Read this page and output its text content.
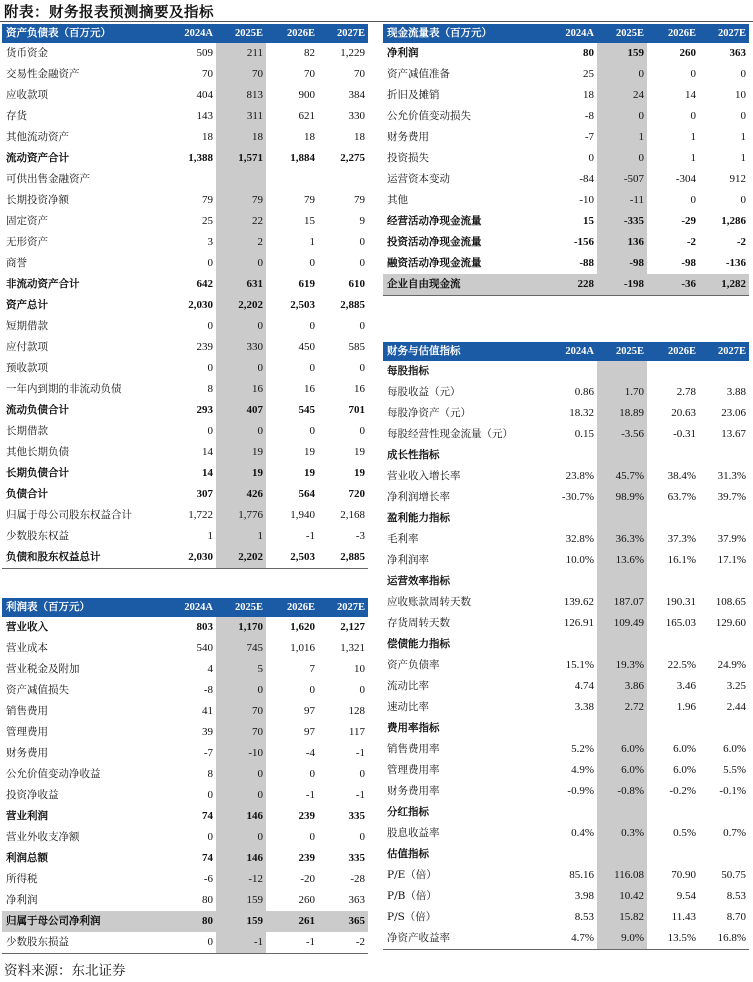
附表：财务报表预测摘要及指标
资产负债表（百万元）	2024A	2025E	2026E	2027E
货币资金	509	211	82	1,229
交易性金融资产	70	70	70	70
应收款项	404	813	900	384
存货	143	311	621	330
其他流动资产	18	18	18	18
流动资产合计	1,388	1,571	1,884	2,275
可供出售金融资产				
长期投资净额	79	79	79	79
固定资产	25	22	15	9
无形资产	3	2	1	0
商誉	0	0	0	0
非流动资产合计	642	631	619	610
资产总计	2,030	2,202	2,503	2,885
短期借款	0	0	0	0
应付款项	239	330	450	585
预收款项	0	0	0	0
一年内到期的非流动负债	8	16	16	16
流动负债合计	293	407	545	701
长期借款	0	0	0	0
其他长期负债	14	19	19	19
长期负债合计	14	19	19	19
负债合计	307	426	564	720
归属于母公司股东权益合计	1,722	1,776	1,940	2,168
少数股东权益	1	1	-1	-3
负债和股东权益总计	2,030	2,202	2,503	2,885
利润表（百万元）	2024A	2025E	2026E	2027E
营业收入	803	1,170	1,620	2,127
营业成本	540	745	1,016	1,321
营业税金及附加	4	5	7	10
资产减值损失	-8	0	0	0
销售费用	41	70	97	128
管理费用	39	70	97	117
财务费用	-7	-10	-4	-1
公允价值变动净收益	8	0	0	0
投资净收益	0	0	-1	-1
营业利润	74	146	239	335
营业外收支净额	0	0	0	0
利润总额	74	146	239	335
所得税	-6	-12	-20	-28
净利润	80	159	260	363
归属于母公司净利润	80	159	261	365
少数股东损益	0	-1	-1	-2
现金流量表（百万元）	2024A	2025E	2026E	2027E
净利润	80	159	260	363
资产减值准备	25	0	0	0
折旧及摊销	18	24	14	10
公允价值变动损失	-8	0	0	0
财务费用	-7	1	1	1
投资损失	0	0	1	1
运营资本变动	-84	-507	-304	912
其他	-10	-11	0	0
经营活动净现金流量	15	-335	-29	1,286
投资活动净现金流量	-156	136	-2	-2
融资活动净现金流量	-88	-98	-98	-136
企业自由现金流	228	-198	-36	1,282
财务与估值指标	2024A	2025E	2026E	2027E
每股指标				
每股收益（元）	0.86	1.70	2.78	3.88
每股净资产（元）	18.32	18.89	20.63	23.06
每股经营性现金流量（元）	0.15	-3.56	-0.31	13.67
成长性指标				
营业收入增长率	23.8%	45.7%	38.4%	31.3%
净利润增长率	-30.7%	98.9%	63.7%	39.7%
盈利能力指标				
毛利率	32.8%	36.3%	37.3%	37.9%
净利润率	10.0%	13.6%	16.1%	17.1%
运营效率指标				
应收账款周转天数	139.62	187.07	190.31	108.65
存货周转天数	126.91	109.49	165.03	129.60
偿债能力指标				
资产负债率	15.1%	19.3%	22.5%	24.9%
流动比率	4.74	3.86	3.46	3.25
速动比率	3.38	2.72	1.96	2.44
费用率指标				
销售费用率	5.2%	6.0%	6.0%	6.0%
管理费用率	4.9%	6.0%	6.0%	5.5%
财务费用率	-0.9%	-0.8%	-0.2%	-0.1%
分红指标				
股息收益率	0.4%	0.3%	0.5%	0.7%
估值指标				
P/E（倍）	85.16	116.08	70.90	50.75
P/B（倍）	3.98	10.42	9.54	8.53
P/S（倍）	8.53	15.82	11.43	8.70
净资产收益率	4.7%	9.0%	13.5%	16.8%
资料来源：东北证券
